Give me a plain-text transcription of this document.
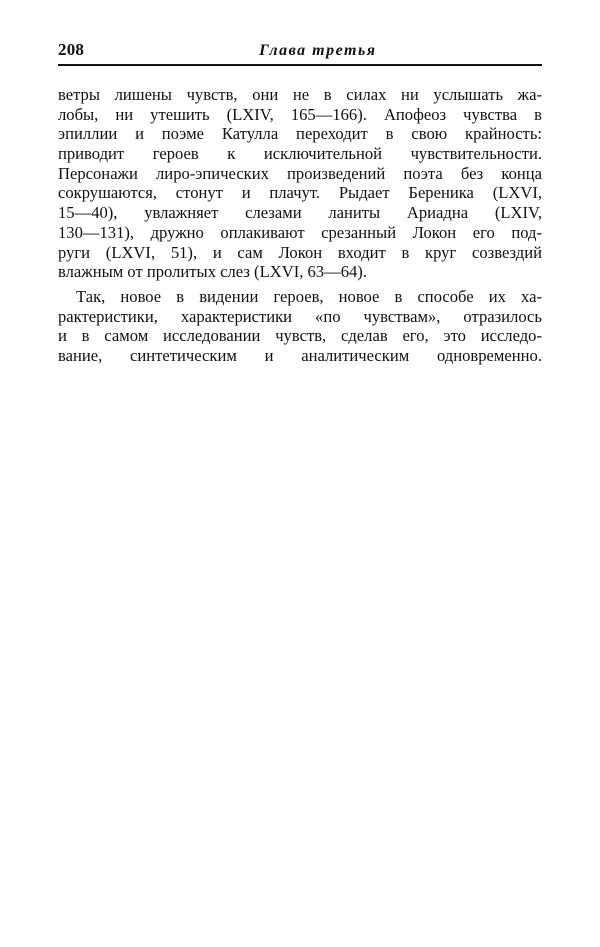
208	Глава третья
ветры лишены чувств, они не в силах ни услышать жа-
лобы, ни утешить (LXIV, 165—166). Апофеоз чувства в
эпиллии и поэме Катулла переходит в свою крайность:
приводит героев к исключительной чувствительности.
Персонажи лиро-эпических произведений поэта без конца
сокрушаются, стонут и плачут. Рыдает Береника (LXVI,
15—40), увлажняет слезами ланиты Ариадна (LXIV,
130—131), дружно оплакивают срезанный Локон его под-
руги (LXVI, 51), и сам Локон входит в круг созвездий
влажным от пролитых слез (LXVI, 63—64).
Так, новое в видении героев, новое в способе их ха-
рактеристики, характеристики «по чувствам», отразилось
и в самом исследовании чувств, сделав его, это исследо-
вание, синтетическим и аналитическим одновременно.
